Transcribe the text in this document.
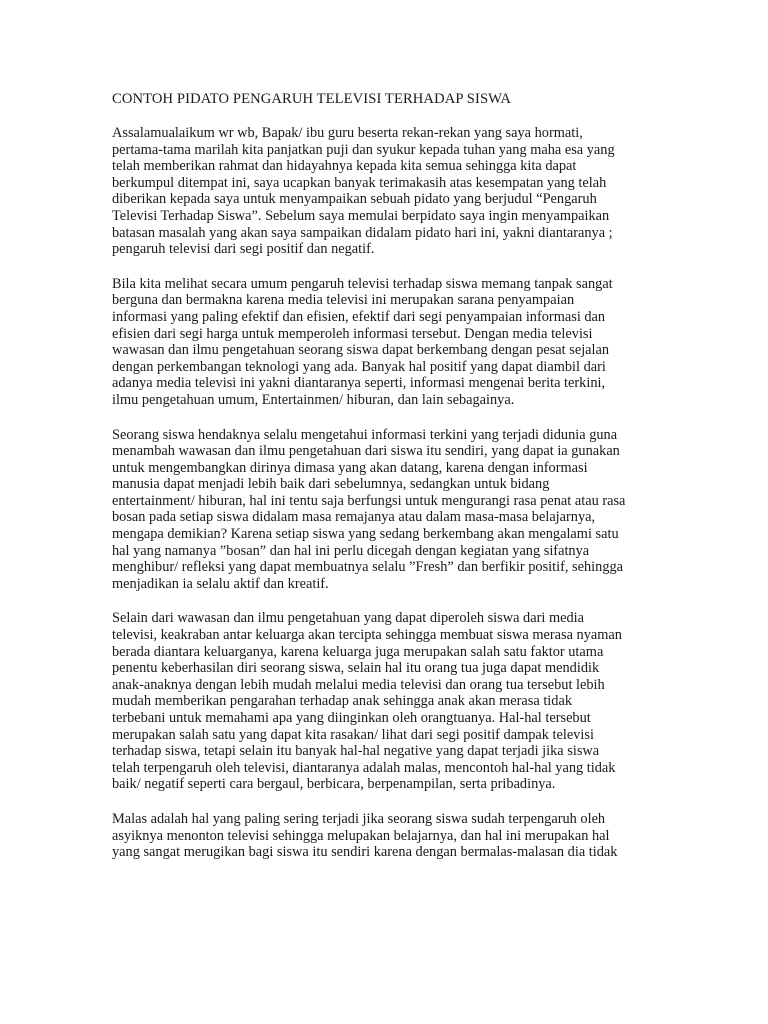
CONTOH PIDATO PENGARUH TELEVISI TERHADAP SISWA
Assalamualaikum wr wb, Bapak/ ibu guru beserta rekan-rekan yang saya hormati,
pertama-tama marilah kita panjatkan puji dan syukur kepada tuhan yang maha esa yang
telah memberikan rahmat dan hidayahnya kepada kita semua sehingga kita dapat
berkumpul ditempat ini, saya ucapkan banyak terimakasih atas kesempatan yang telah
diberikan kepada saya untuk menyampaikan sebuah pidato yang berjudul “Pengaruh
Televisi Terhadap Siswa”. Sebelum saya memulai berpidato saya ingin menyampaikan
batasan masalah yang akan saya sampaikan didalam pidato hari ini, yakni diantaranya ;
pengaruh televisi dari segi positif dan negatif.
Bila kita melihat secara umum pengaruh televisi terhadap siswa memang tanpak sangat
berguna dan bermakna karena media televisi ini merupakan sarana penyampaian
informasi yang paling efektif dan efisien, efektif dari segi penyampaian informasi dan
efisien dari segi harga untuk memperoleh informasi tersebut. Dengan media televisi
wawasan dan ilmu pengetahuan seorang siswa dapat berkembang dengan pesat sejalan
dengan perkembangan teknologi yang ada. Banyak hal positif yang dapat diambil dari
adanya media televisi ini yakni diantaranya seperti, informasi mengenai berita terkini,
ilmu pengetahuan umum, Entertainmen/ hiburan, dan lain sebagainya.
Seorang siswa hendaknya selalu mengetahui informasi terkini yang terjadi didunia guna
menambah wawasan dan ilmu pengetahuan dari siswa itu sendiri, yang dapat ia gunakan
untuk mengembangkan dirinya dimasa yang akan datang, karena dengan informasi
manusia dapat menjadi lebih baik dari sebelumnya, sedangkan untuk bidang
entertainment/ hiburan, hal ini tentu saja berfungsi untuk mengurangi rasa penat atau rasa
bosan pada setiap siswa didalam masa remajanya atau dalam masa-masa belajarnya,
mengapa demikian? Karena setiap siswa yang sedang berkembang akan mengalami satu
hal yang namanya ”bosan” dan hal ini perlu dicegah dengan kegiatan yang sifatnya
menghibur/ refleksi yang dapat membuatnya selalu ”Fresh” dan berfikir positif, sehingga
menjadikan ia selalu aktif dan kreatif.
Selain dari wawasan dan ilmu pengetahuan yang dapat diperoleh siswa dari media
televisi, keakraban antar keluarga akan tercipta sehingga membuat siswa merasa nyaman
berada diantara keluarganya, karena keluarga juga merupakan salah satu faktor utama
penentu keberhasilan diri seorang siswa, selain hal itu orang tua juga dapat mendidik
anak-anaknya dengan lebih mudah melalui media televisi dan orang tua tersebut lebih
mudah memberikan pengarahan terhadap anak sehingga anak akan merasa tidak
terbebani untuk memahami apa yang diinginkan oleh orangtuanya. Hal-hal tersebut
merupakan salah satu yang dapat kita rasakan/ lihat dari segi positif dampak televisi
terhadap siswa, tetapi selain itu banyak hal-hal negative yang dapat terjadi jika siswa
telah terpengaruh oleh televisi, diantaranya adalah malas, mencontoh hal-hal yang tidak
baik/ negatif seperti cara bergaul, berbicara, berpenampilan, serta pribadinya.
Malas adalah hal yang paling sering terjadi jika seorang siswa sudah terpengaruh oleh
asyiknya menonton televisi sehingga melupakan belajarnya, dan hal ini merupakan hal
yang sangat merugikan bagi siswa itu sendiri karena dengan bermalas-malasan dia tidak
